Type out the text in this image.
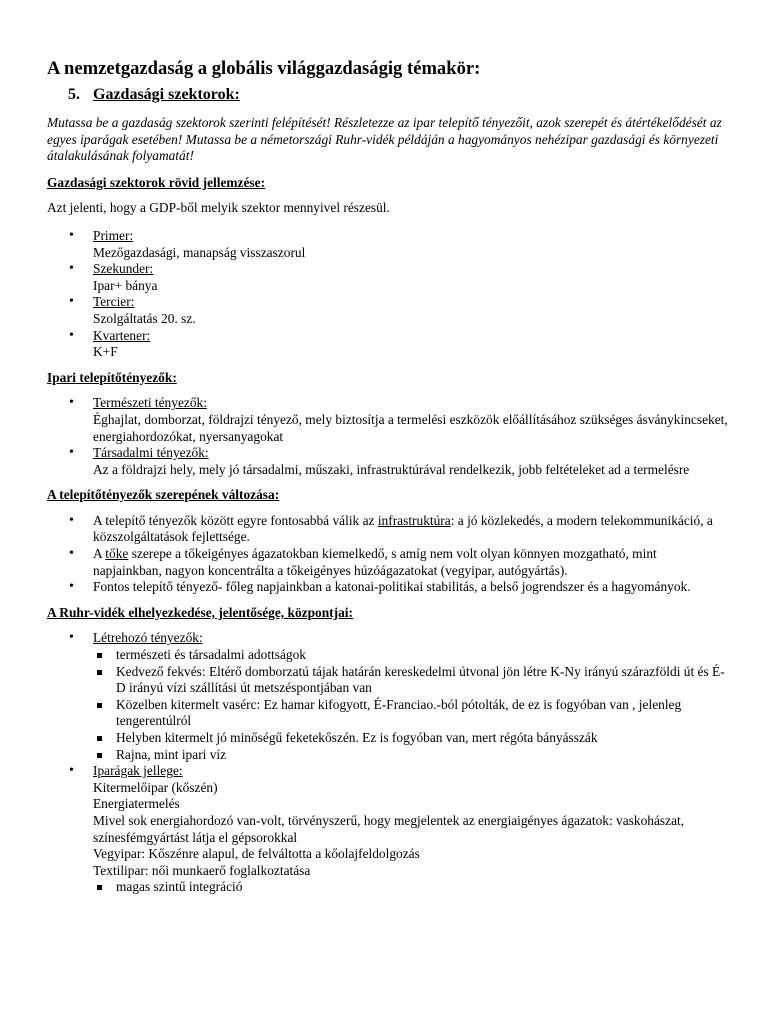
A nemzetgazdaság a globális világgazdaságig témakör:
5. Gazdasági szektorok:

Mutassa be a gazdaság szektorok szerinti felépítését! Részletezze az ipar telepítő tényezőit, azok szerepét és átértékelődését az egyes iparágak esetében! Mutassa be a németországi Ruhr-vidék példáján a hagyományos nehézipar gazdasági és környezeti átalakulásának folyamatát!

Gazdasági szektorok rövid jellemzése:

Azt jelenti, hogy a GDP-ből melyik szektor mennyivel részesül.

• Primer:
Mezőgazdasági, manapság visszaszorul
• Szekunder:
Ipar+ bánya
• Tercier:
Szolgáltatás 20. sz.
• Kvartener:
K+F
Ipari telepítőtényezők:
• Természeti tényezők:
Éghajlat, domborzat, földrajzi tényező, mely biztosítja a termelési eszközök előállításához szükséges ásványkincseket, energiahordozókat, nyersanyagokat
• Társadalmi tényezők:
Az a földrajzi hely, mely jó társadalmi, műszaki, infrastruktúrával rendelkezik, jobb feltételeket ad a termelésre
A telepítőtényezők szerepének változása:
• A telepítő tényezők között egyre fontosabbá válik az infrastruktúra: a jó közlekedés, a modern telekommunikáció, a közszolgáltatások fejlettsége.
• A tőke szerepe a tőkeigényes ágazatokban kiemelkedő, s amíg nem volt olyan könnyen mozgatható, mint napjainkban, nagyon koncentrálta a tőkeigényes húzóágazatokat (vegyipar, autógyártás).
• Fontos telepítő tényező- főleg napjainkban a katonai-politikai stabilitás, a belső jogrendszer és a hagyományok.
A Ruhr-vidék elhelyezkedése, jelentősége, központjai:
• Létrehozó tényezők:
természeti és társadalmi adottságok
Kedvező fekvés: Eltérő domborzatú tájak határán kereskedelmi útvonal jön létre K-Ny irányú szárazföldi út és É-D irányú vízi szállítási út metszéspontjában van
Közelben kitermelt vasérc: Ez hamar kifogyott, É-Franciao.-ból pótolták, de ez is fogyóban van , jelenleg tengerentúlról
Helyben kitermelt jó minőségű feketekőszén. Ez is fogyóban van, mert régóta bányásszák
Rajna, mint ipari víz
• Iparágak jellege:
Kitermelőipar (kőszén)
Energiatermelés
Mivel sok energiahordozó van-volt, törvényszerű, hogy megjelentek az energiaigényes ágazatok: vaskohászat, színesfémgyártást látja el gépsorokkal
Vegyipar: Kőszénre alapul, de felváltotta a kőolajfeldolgozás
Textilipar: női munkaerő foglalkoztatása
magas szintű integráció
